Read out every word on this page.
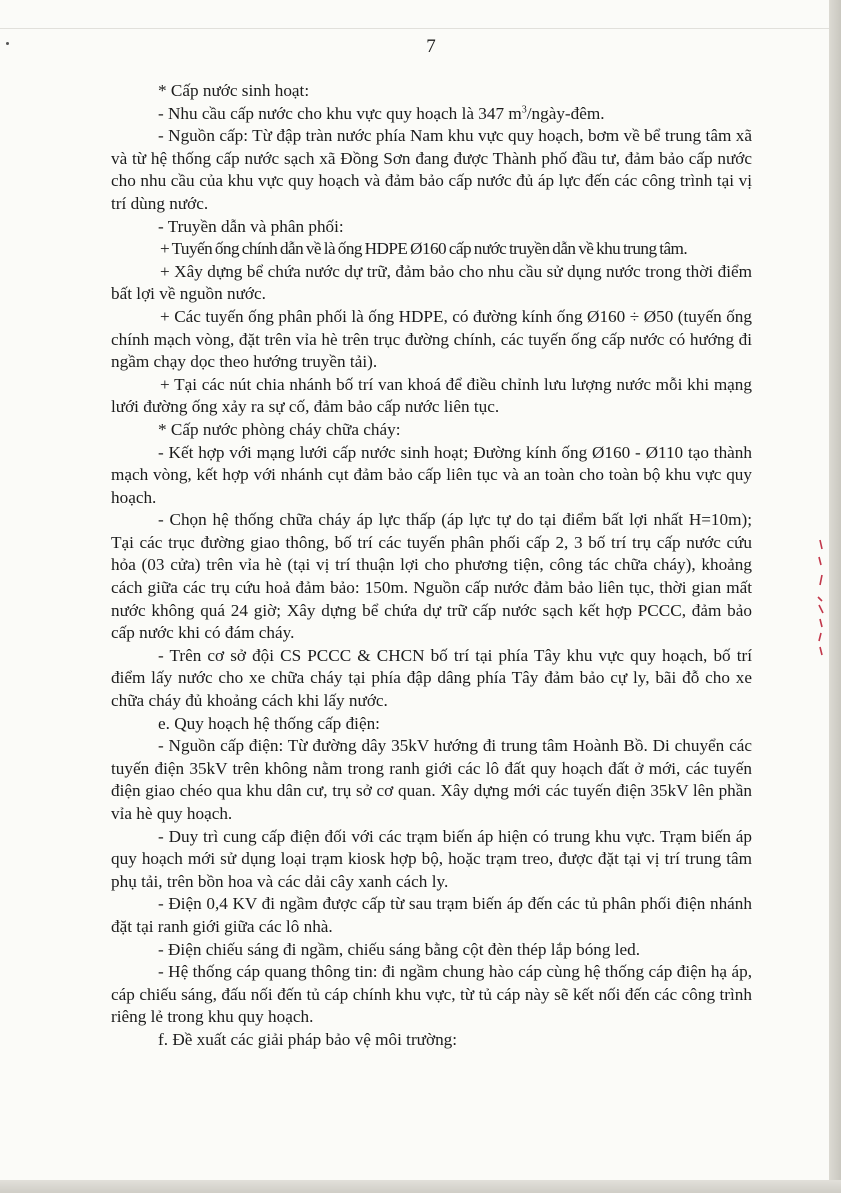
7

* Cấp nước sinh hoạt:

- Nhu cầu cấp nước cho khu vực quy hoạch là 347 $m^3/ngày$-đêm.

- Nguồn cấp: Từ đập tràn nước phía Nam khu vực quy hoạch, bơm về bể trung tâm xã và từ hệ thống cấp nước sạch xã Đồng Sơn đang được Thành phố đầu tư, đảm bảo cấp nước cho nhu cầu của khu vực quy hoạch và đảm bảo cấp nước đủ áp lực đến các công trình tại vị trí dùng nước.

- Truyền dẫn và phân phối:

+ Tuyến ống chính dẫn về là ống HDPE Ø160 cấp nước truyền dẫn về khu trung tâm.

+ Xây dựng bể chứa nước dự trữ, đảm bảo cho nhu cầu sử dụng nước trong thời điểm bất lợi về nguồn nước.

+ Các tuyến ống phân phối là ống HDPE, có đường kính ống Ø160 ÷ Ø50 (tuyến ống chính mạch vòng, đặt trên vỉa hè trên trục đường chính, các tuyến ống cấp nước có hướng đi ngầm chạy dọc theo hướng truyền tải).

+ Tại các nút chia nhánh bố trí van khoá để điều chỉnh lưu lượng nước mỗi khi mạng lưới đường ống xảy ra sự cố, đảm bảo cấp nước liên tục.

* Cấp nước phòng cháy chữa cháy:

- Kết hợp với mạng lưới cấp nước sinh hoạt; Đường kính ống Ø160 - Ø110 tạo thành mạch vòng, kết hợp với nhánh cụt đảm bảo cấp liên tục và an toàn cho toàn bộ khu vực quy hoạch.

- Chọn hệ thống chữa cháy áp lực thấp (áp lực tự do tại điểm bất lợi nhất H=10m); Tại các trục đường giao thông, bố trí các tuyến phân phối cấp 2, 3 bố trí trụ cấp nước cứu hỏa (03 cửa) trên vỉa hè (tại vị trí thuận lợi cho phương tiện, công tác chữa cháy), khoảng cách giữa các trụ cứu hoả đảm bảo: 150m. Nguồn cấp nước đảm bảo liên tục, thời gian mất nước không quá 24 giờ; Xây dựng bể chứa dự trữ cấp nước sạch kết hợp PCCC, đảm bảo cấp nước khi có đám cháy.

- Trên cơ sở đội CS PCCC & CHCN bố trí tại phía Tây khu vực quy hoạch, bố trí điểm lấy nước cho xe chữa cháy tại phía đập dâng phía Tây đảm bảo cự ly, bãi đỗ cho xe chữa cháy đủ khoảng cách khi lấy nước.

e. Quy hoạch hệ thống cấp điện:

- Nguồn cấp điện: Từ đường dây 35kV hướng đi trung tâm Hoành Bồ. Di chuyển các tuyến điện 35kV trên không nằm trong ranh giới các lô đất quy hoạch đất ở mới, các tuyến điện giao chéo qua khu dân cư, trụ sở cơ quan. Xây dựng mới các tuyến điện 35kV lên phần vỉa hè quy hoạch.

- Duy trì cung cấp điện đối với các trạm biến áp hiện có trung khu vực. Trạm biến áp quy hoạch mới sử dụng loại trạm kiosk hợp bộ, hoặc trạm treo, được đặt tại vị trí trung tâm phụ tải, trên bồn hoa và các dải cây xanh cách ly.

- Điện 0,4 KV đi ngầm được cấp từ sau trạm biến áp đến các tủ phân phối điện nhánh đặt tại ranh giới giữa các lô nhà.

- Điện chiếu sáng đi ngầm, chiếu sáng bằng cột đèn thép lắp bóng led.

- Hệ thống cáp quang thông tin: đi ngầm chung hào cáp cùng hệ thống cáp điện hạ áp, cáp chiếu sáng, đấu nối đến tủ cáp chính khu vực, từ tủ cáp này sẽ kết nối đến các công trình riêng lẻ trong khu quy hoạch.

f. Đề xuất các giải pháp bảo vệ môi trường:
